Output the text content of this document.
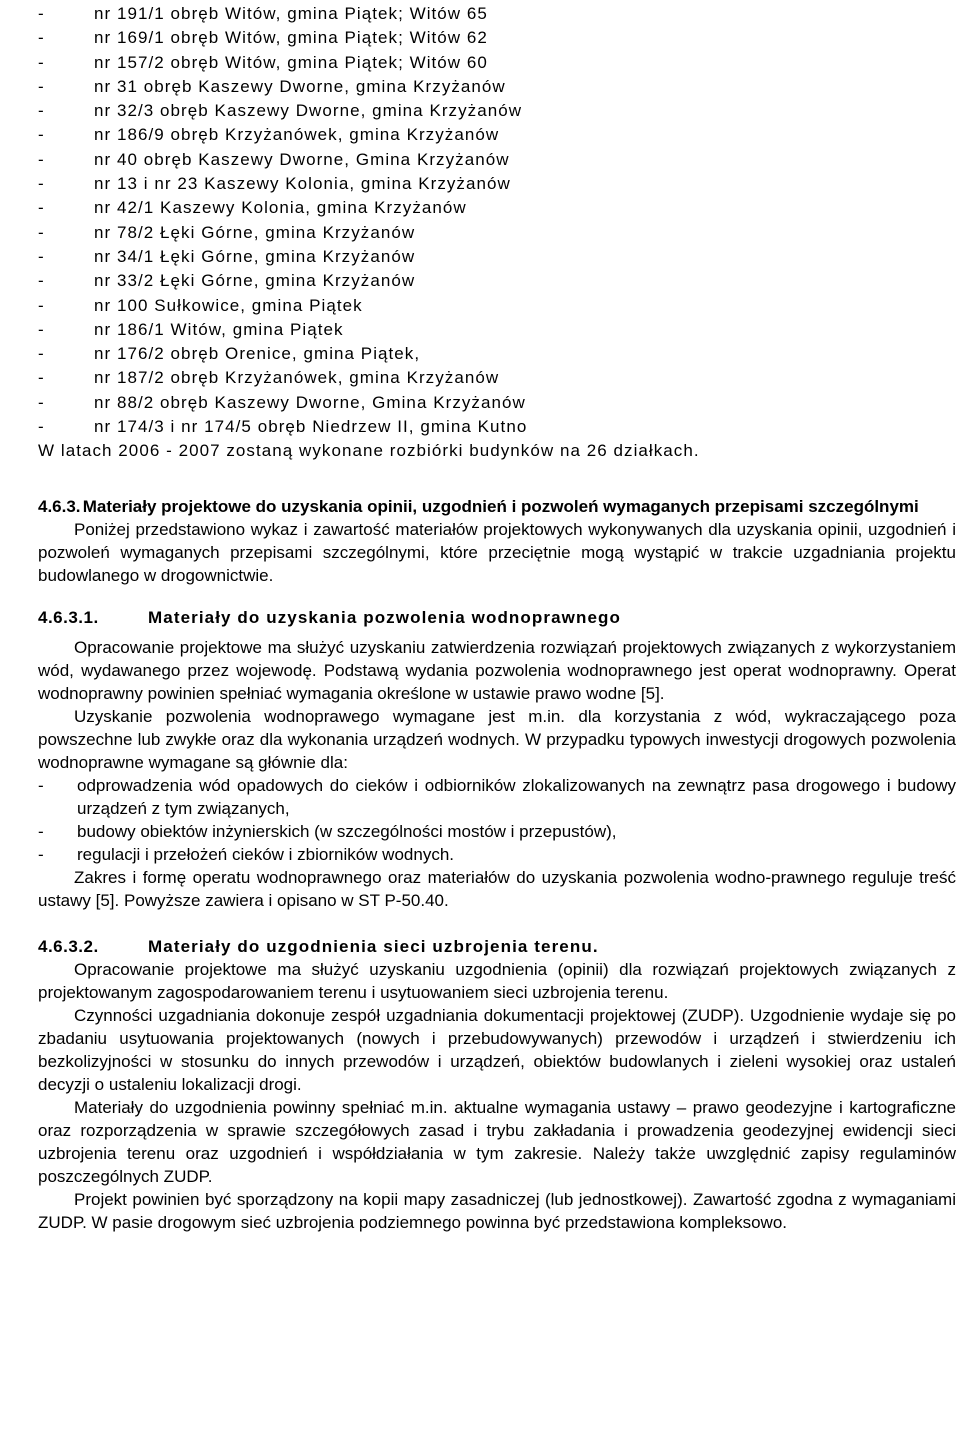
-	nr 191/1 obręb Witów, gmina Piątek; Witów 65
-	nr 169/1 obręb Witów, gmina Piątek; Witów 62
-	nr 157/2 obręb Witów, gmina Piątek; Witów 60
-	nr 31 obręb Kaszewy Dworne, gmina Krzyżanów
-	nr 32/3 obręb Kaszewy Dworne, gmina Krzyżanów
-	nr 186/9 obręb Krzyżanówek, gmina Krzyżanów
-	nr 40 obręb Kaszewy Dworne, Gmina Krzyżanów
-	nr 13 i nr 23 Kaszewy Kolonia, gmina Krzyżanów
-	nr 42/1 Kaszewy Kolonia, gmina Krzyżanów
-	nr 78/2 Łęki Górne, gmina Krzyżanów
-	nr 34/1 Łęki Górne, gmina Krzyżanów
-	nr 33/2 Łęki Górne, gmina Krzyżanów
-	nr 100 Sułkowice, gmina Piątek
-	nr 186/1 Witów, gmina Piątek
-	nr 176/2 obręb Orenice, gmina Piątek,
-	nr 187/2 obręb Krzyżanówek, gmina Krzyżanów
-	nr 88/2 obręb Kaszewy Dworne, Gmina Krzyżanów
-	nr 174/3 i nr 174/5 obręb Niedrzew II, gmina Kutno

W latach 2006 - 2007 zostaną wykonane rozbiórki budynków na 26 działkach.

4.6.3. Materiały projektowe do uzyskania opinii, uzgodnień i pozwoleń wymaganych przepisami szczególnymi

Poniżej przedstawiono wykaz i zawartość materiałów projektowych wykonywanych dla uzyskania opinii, uzgodnień i pozwoleń wymaganych przepisami szczególnymi, które przeciętnie mogą wystąpić w trakcie uzgadniania projektu budowlanego w drogownictwie.

4.6.3.1.	Materiały do uzyskania pozwolenia wodnoprawnego

Opracowanie projektowe ma służyć uzyskaniu zatwierdzenia rozwiązań projektowych związanych z wykorzystaniem wód, wydawanego przez wojewodę. Podstawą wydania pozwolenia wodnoprawnego jest operat wodnoprawny. Operat wodnoprawny powinien spełniać wymagania określone w ustawie prawo wodne [5].

Uzyskanie pozwolenia wodnoprawego wymagane jest m.in. dla korzystania z wód, wykraczającego poza powszechne lub zwykłe oraz dla wykonania urządzeń wodnych. W przypadku typowych inwestycji drogowych pozwolenia wodnoprawne wymagane są głównie dla:

- odprowadzenia wód opadowych do cieków i odbiorników zlokalizowanych na zewnątrz pasa drogowego i budowy urządzeń z tym związanych,
- budowy obiektów inżynierskich (w szczególności mostów i przepustów),
- regulacji i przełożeń cieków i zbiorników wodnych.

Zakres i formę operatu wodnoprawnego oraz materiałów do uzyskania pozwolenia wodno-prawnego reguluje treść ustawy [5]. Powyższe zawiera i opisano w ST P-50.40.

4.6.3.2.	Materiały do uzgodnienia sieci uzbrojenia terenu.

Opracowanie projektowe ma służyć uzyskaniu uzgodnienia (opinii) dla rozwiązań projektowych związanych z projektowanym zagospodarowaniem terenu i usytuowaniem sieci uzbrojenia terenu.

Czynności uzgadniania dokonuje zespół uzgadniania dokumentacji projektowej (ZUDP). Uzgodnienie wydaje się po zbadaniu usytuowania projektowanych (nowych i przebudowywanych) przewodów i urządzeń i stwierdzeniu ich bezkolizyjności w stosunku do innych przewodów i urządzeń, obiektów budowlanych i zieleni wysokiej oraz ustaleń decyzji o ustaleniu lokalizacji drogi.

Materiały do uzgodnienia powinny spełniać m.in. aktualne wymagania ustawy – prawo geodezyjne i kartograficzne oraz rozporządzenia w sprawie szczegółowych zasad i trybu zakładania i prowadzenia geodezyjnej ewidencji sieci uzbrojenia terenu oraz uzgodnień i współdziałania w tym zakresie. Należy także uwzględnić zapisy regulaminów poszczególnych ZUDP.

Projekt powinien być sporządzony na kopii mapy zasadniczej (lub jednostkowej). Zawartość zgodna z wymaganiami ZUDP. W pasie drogowym sieć uzbrojenia podziemnego powinna być przedstawiona kompleksowo.
